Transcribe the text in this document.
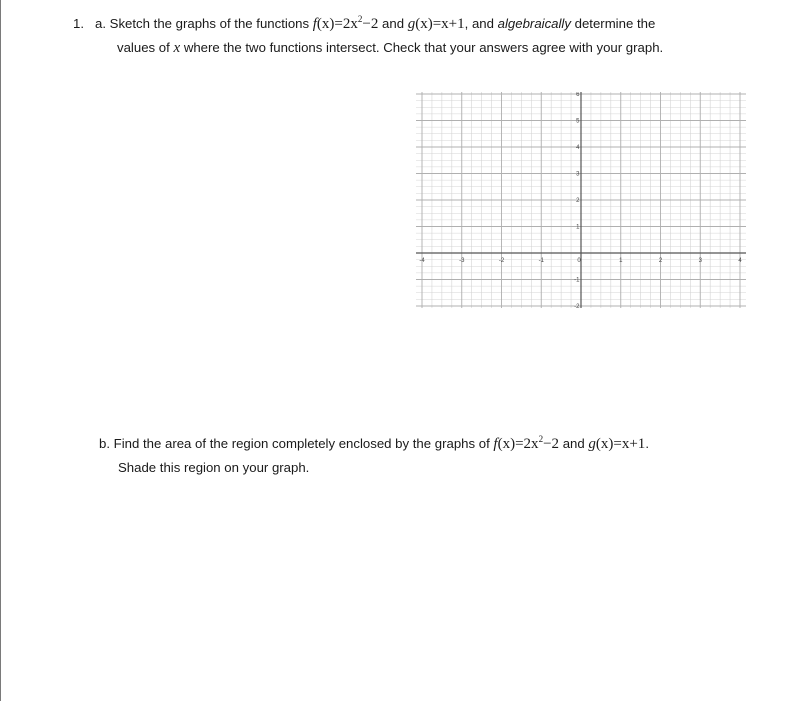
1. a. Sketch the graphs of the functions $f(x)=2x^2-2$ and g(x)=x+1, and algebraically determine the
values of x where the two functions intersect. Check that your answers agree with your graph.
-4	-3	-2	-1	0	1	2	3	4
6
5
4
3
2
1
-1
-2
b. Find the area of the region completely enclosed by the graphs of $f(x)=2x^2-2$ and g(x)=x+1.
Shade this region on your graph.
